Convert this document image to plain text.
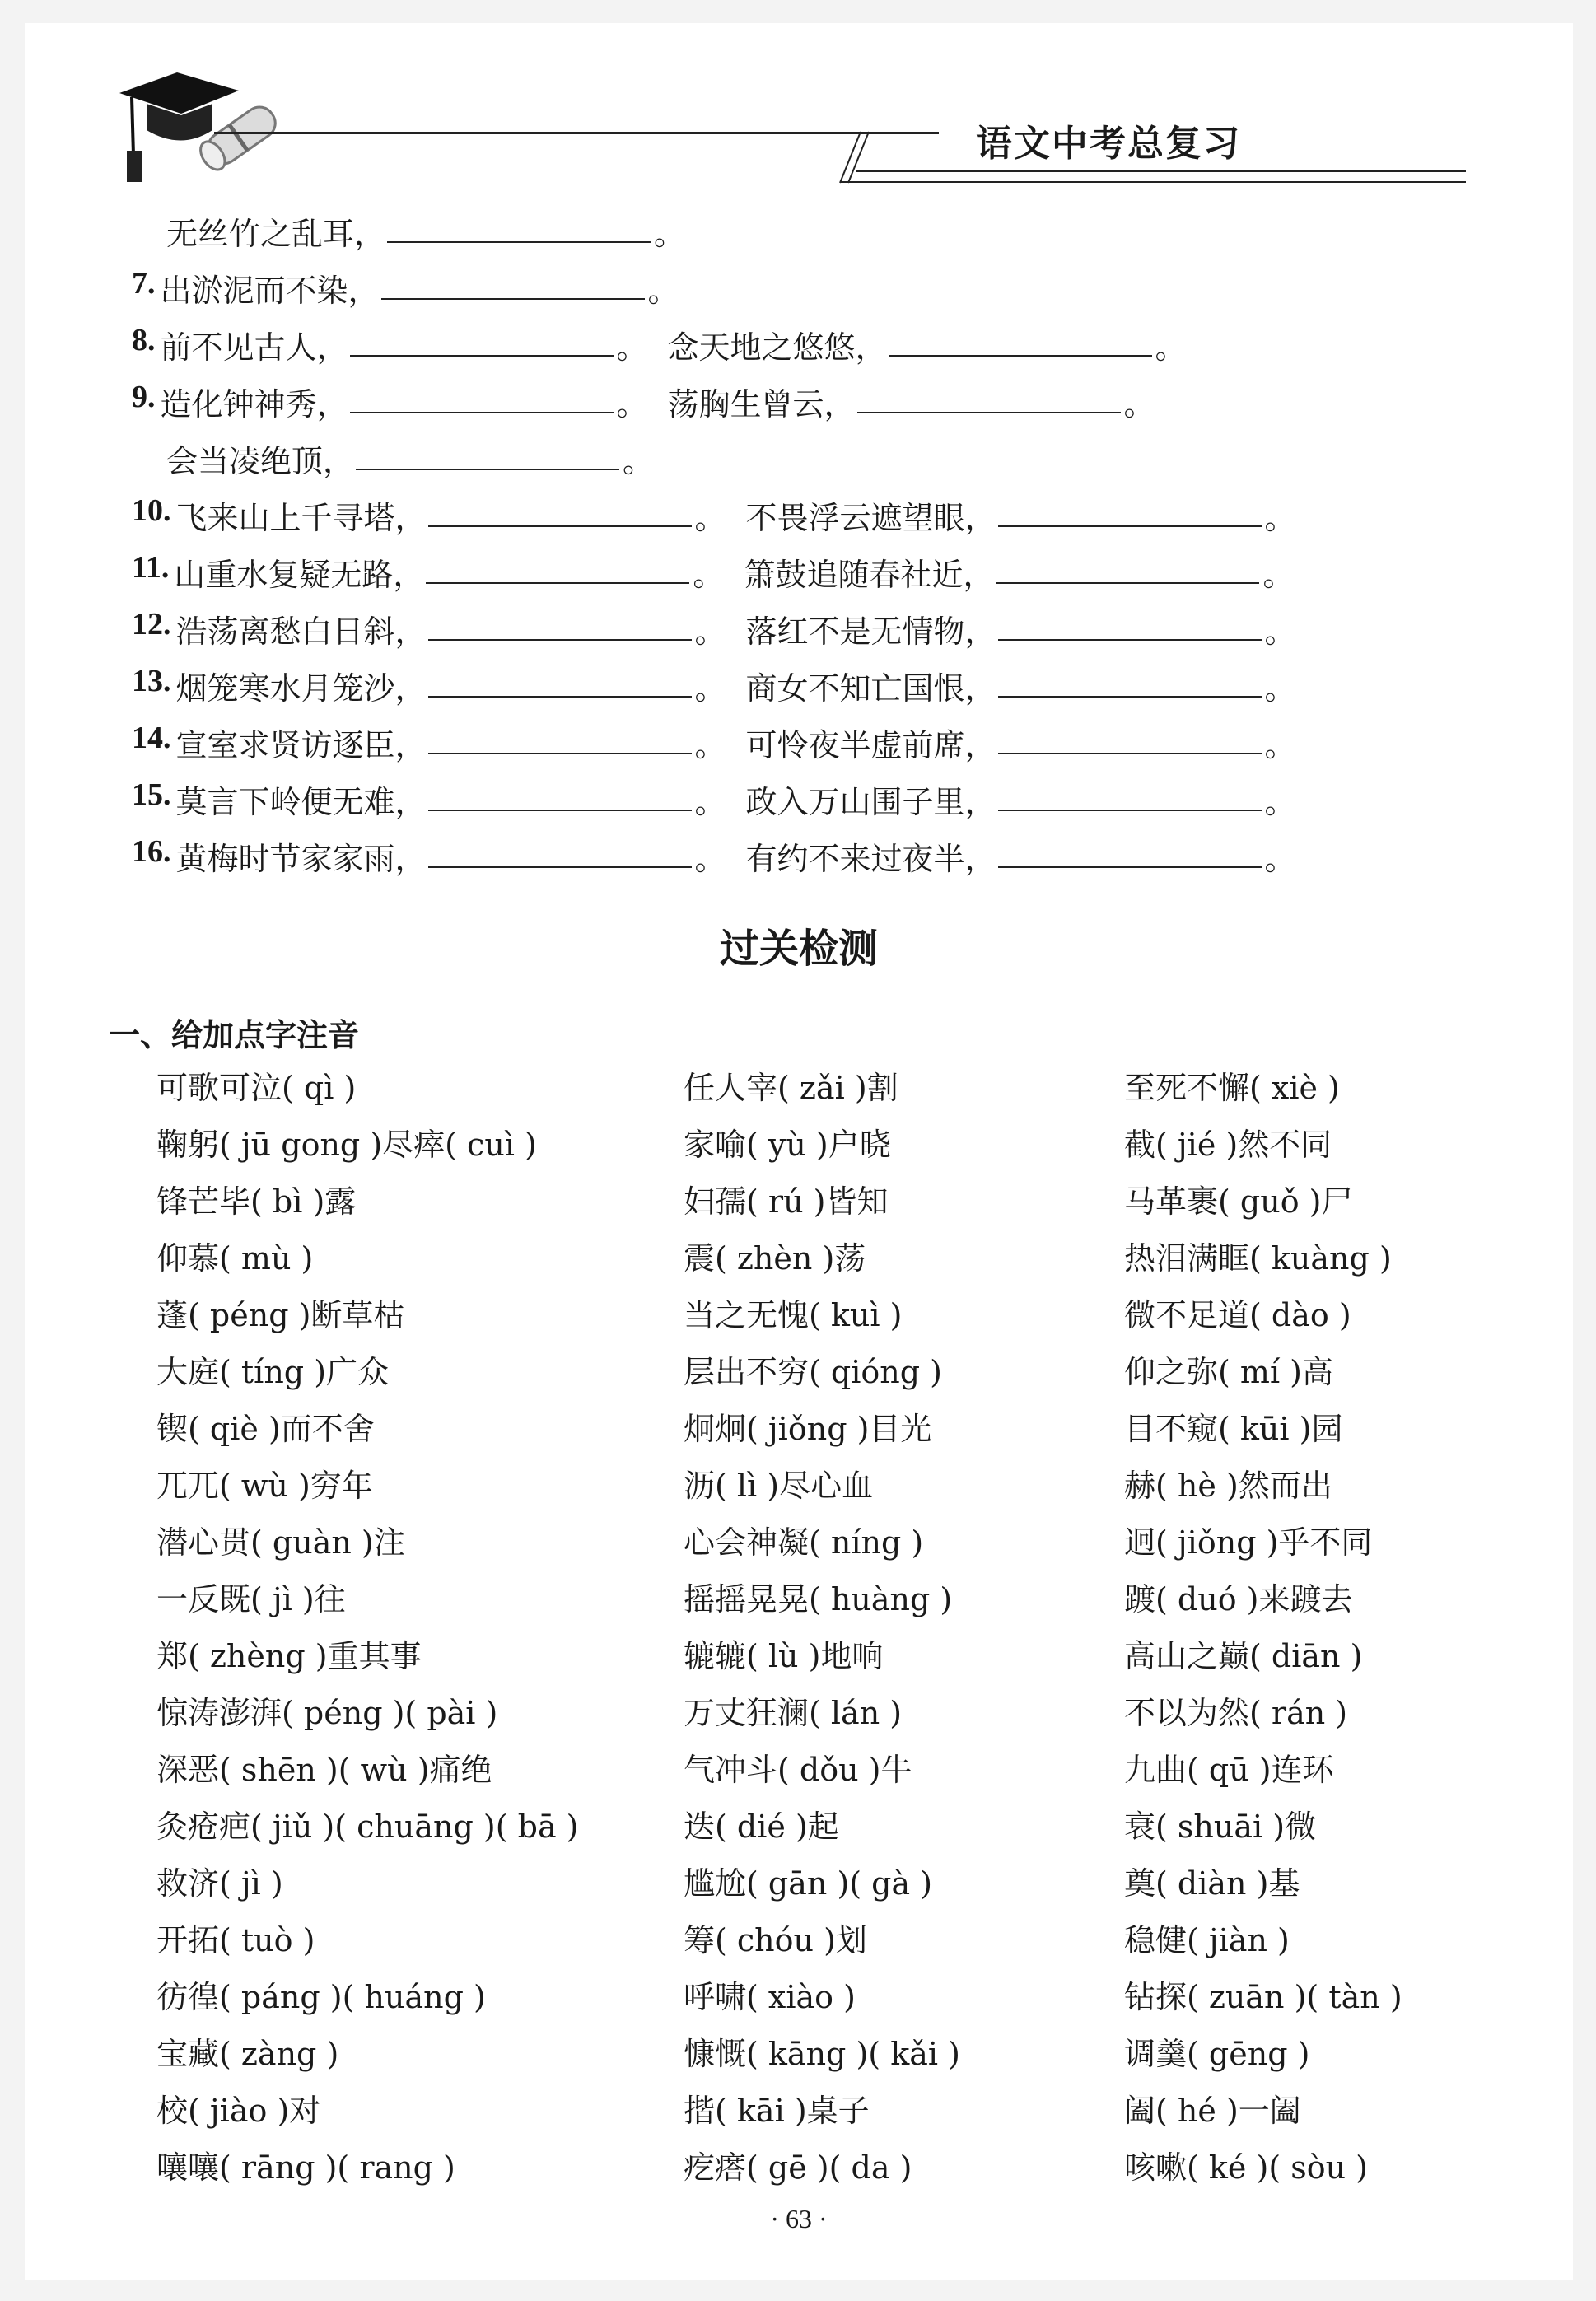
语文中考总复习
无丝竹之乱耳，	。
7. 出淤泥而不染，	。
8. 前不见古人，	。 念天地之悠悠，	。
9. 造化钟神秀，	。 荡胸生曾云，	。
会当凌绝顶，	。
10. 飞来山上千寻塔，	。 不畏浮云遮望眼，	。
11. 山重水复疑无路，	。 箫鼓追随春社近，	。
12. 浩荡离愁白日斜，	。 落红不是无情物，	。
13. 烟笼寒水月笼沙，	。 商女不知亡国恨，	。
14. 宣室求贤访逐臣，	。 可怜夜半虚前席，	。
15. 莫言下岭便无难，	。 政入万山围子里，	。
16. 黄梅时节家家雨，	。 有约不来过夜半，	。
过关检测
一、给加点字注音
可歌可泣( qì )
鞠躬( jū gong )尽瘁( cuì )
锋芒毕( bì )露
仰慕( mù )
蓬( péng )断草枯
大庭( tíng )广众
锲( qiè )而不舍
兀兀( wù )穷年
潜心贯( guàn )注
一反既( jì )往
郑( zhèng )重其事
惊涛澎湃( péng )( pài )
深恶( shēn )( wù )痛绝
灸疮疤( jiǔ )( chuāng )( bā )
救济( jì )
开拓( tuò )
彷徨( páng )( huáng )
宝藏( zàng )
校( jiào )对
嚷嚷( rāng )( rang )
任人宰( zǎi )割
家喻( yù )户晓
妇孺( rú )皆知
震( zhèn )荡
当之无愧( kuì )
层出不穷( qióng )
炯炯( jiǒng )目光
沥( lì )尽心血
心会神凝( níng )
摇摇晃晃( huàng )
辘辘( lù )地响
万丈狂澜( lán )
气冲斗( dǒu )牛
迭( dié )起
尴尬( gān )( gà )
筹( chóu )划
呼啸( xiào )
慷慨( kāng )( kǎi )
揩( kāi )桌子
疙瘩( gē )( da )
至死不懈( xiè )
截( jié )然不同
马革裹( guǒ )尸
热泪满眶( kuàng )
微不足道( dào )
仰之弥( mí )高
目不窥( kūi )园
赫( hè )然而出
迥( jiǒng )乎不同
踱( duó )来踱去
高山之巅( diān )
不以为然( rán )
九曲( qū )连环
衰( shuāi )微
奠( diàn )基
稳健( jiàn )
钻探( zuān )( tàn )
调羹( gēng )
阖( hé )一阖
咳嗽( ké )( sòu )
· 63 ·
